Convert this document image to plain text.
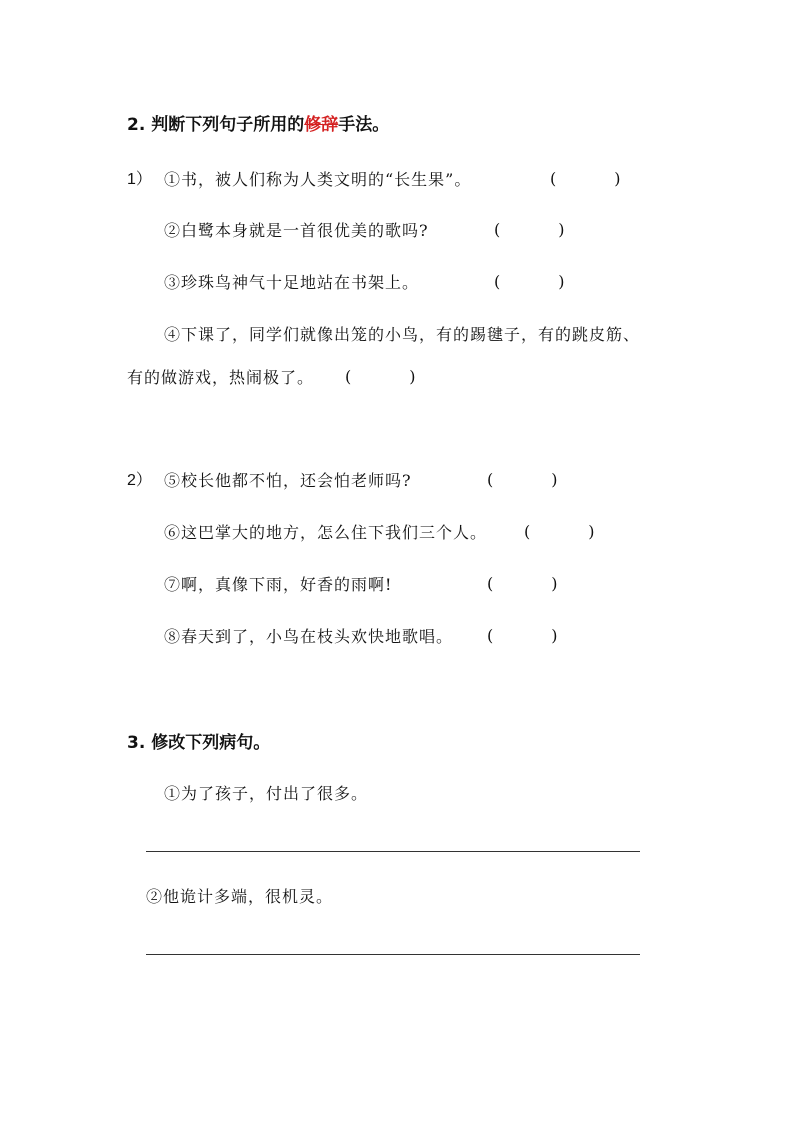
2. 判断下列句子所用的修辞手法。
1） ①书，被人们称为人类文明的“长生果”。	(	)
②白鹭本身就是一首很优美的歌吗?	(	)
③珍珠鸟神气十足地站在书架上。	(	)
④下课了，同学们就像出笼的小鸟，有的踢毽子，有的跳皮筋、
有的做游戏，热闹极了。 (	)
2） ⑤校长他都不怕，还会怕老师吗?	(	)
⑥这巴掌大的地方，怎么住下我们三个人。 (	)
⑦啊，真像下雨，好香的雨啊!	(	)
⑧春天到了，小鸟在枝头欢快地歌唱。 (	)
3. 修改下列病句。
①为了孩子，付出了很多。
②他诡计多端，很机灵。
